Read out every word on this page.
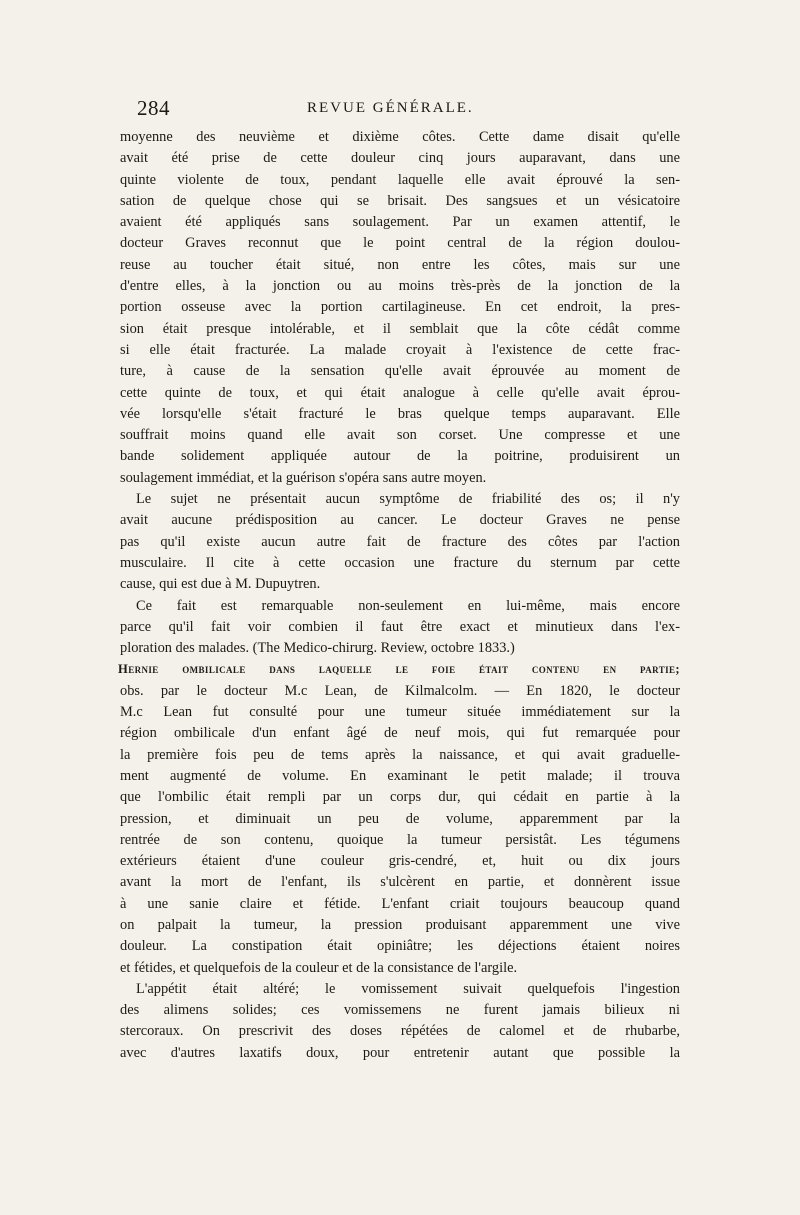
284	REVUE GÉNÉRALE.
moyenne des neuvième et dixième côtes. Cette dame disait qu'elle
avait été prise de cette douleur cinq jours auparavant, dans une
quinte violente de toux, pendant laquelle elle avait éprouvé la sen-
sation de quelque chose qui se brisait. Des sangsues et un vésicatoire
avaient été appliqués sans soulagement. Par un examen attentif, le
docteur Graves reconnut que le point central de la région doulou-
reuse au toucher était situé, non entre les côtes, mais sur une
d'entre elles, à la jonction ou au moins très-près de la jonction de la
portion osseuse avec la portion cartilagineuse. En cet endroit, la pres-
sion était presque intolérable, et il semblait que la côte cédât comme
si elle était fracturée. La malade croyait à l'existence de cette frac-
ture, à cause de la sensation qu'elle avait éprouvée au moment de
cette quinte de toux, et qui était analogue à celle qu'elle avait éprou-
vée lorsqu'elle s'était fracturé le bras quelque temps auparavant. Elle
souffrait moins quand elle avait son corset. Une compresse et une
bande solidement appliquée autour de la poitrine, produisirent un
soulagement immédiat, et la guérison s'opéra sans autre moyen.
Le sujet ne présentait aucun symptôme de friabilité des os; il n'y
avait aucune prédisposition au cancer. Le docteur Graves ne pense
pas qu'il existe aucun autre fait de fracture des côtes par l'action
musculaire. Il cite à cette occasion une fracture du sternum par cette
cause, qui est due à M. Dupuytren.
Ce fait est remarquable non-seulement en lui-même, mais encore
parce qu'il fait voir combien il faut être exact et minutieux dans l'ex-
ploration des malades. (The Medico-chirurg. Review, octobre 1833.)
Hernie ombilicale dans laquelle le foie était contenu en partie;
obs. par le docteur M.c Lean, de Kilmalcolm. — En 1820, le docteur
M.c Lean fut consulté pour une tumeur située immédiatement sur la
région ombilicale d'un enfant âgé de neuf mois, qui fut remarquée pour
la première fois peu de tems après la naissance, et qui avait graduelle-
ment augmenté de volume. En examinant le petit malade; il trouva
que l'ombilic était rempli par un corps dur, qui cédait en partie à la
pression, et diminuait un peu de volume, apparemment par la
rentrée de son contenu, quoique la tumeur persistât. Les tégumens
extérieurs étaient d'une couleur gris-cendré, et, huit ou dix jours
avant la mort de l'enfant, ils s'ulcèrent en partie, et donnèrent issue
à une sanie claire et fétide. L'enfant criait toujours beaucoup quand
on palpait la tumeur, la pression produisant apparemment une vive
douleur. La constipation était opiniâtre; les déjections étaient noires
et fétides, et quelquefois de la couleur et de la consistance de l'argile.
L'appétit était altéré; le vomissement suivait quelquefois l'ingestion
des alimens solides; ces vomissemens ne furent jamais bilieux ni
stercoraux. On prescrivit des doses répétées de calomel et de rhubarbe,
avec d'autres laxatifs doux, pour entretenir autant que possible la
